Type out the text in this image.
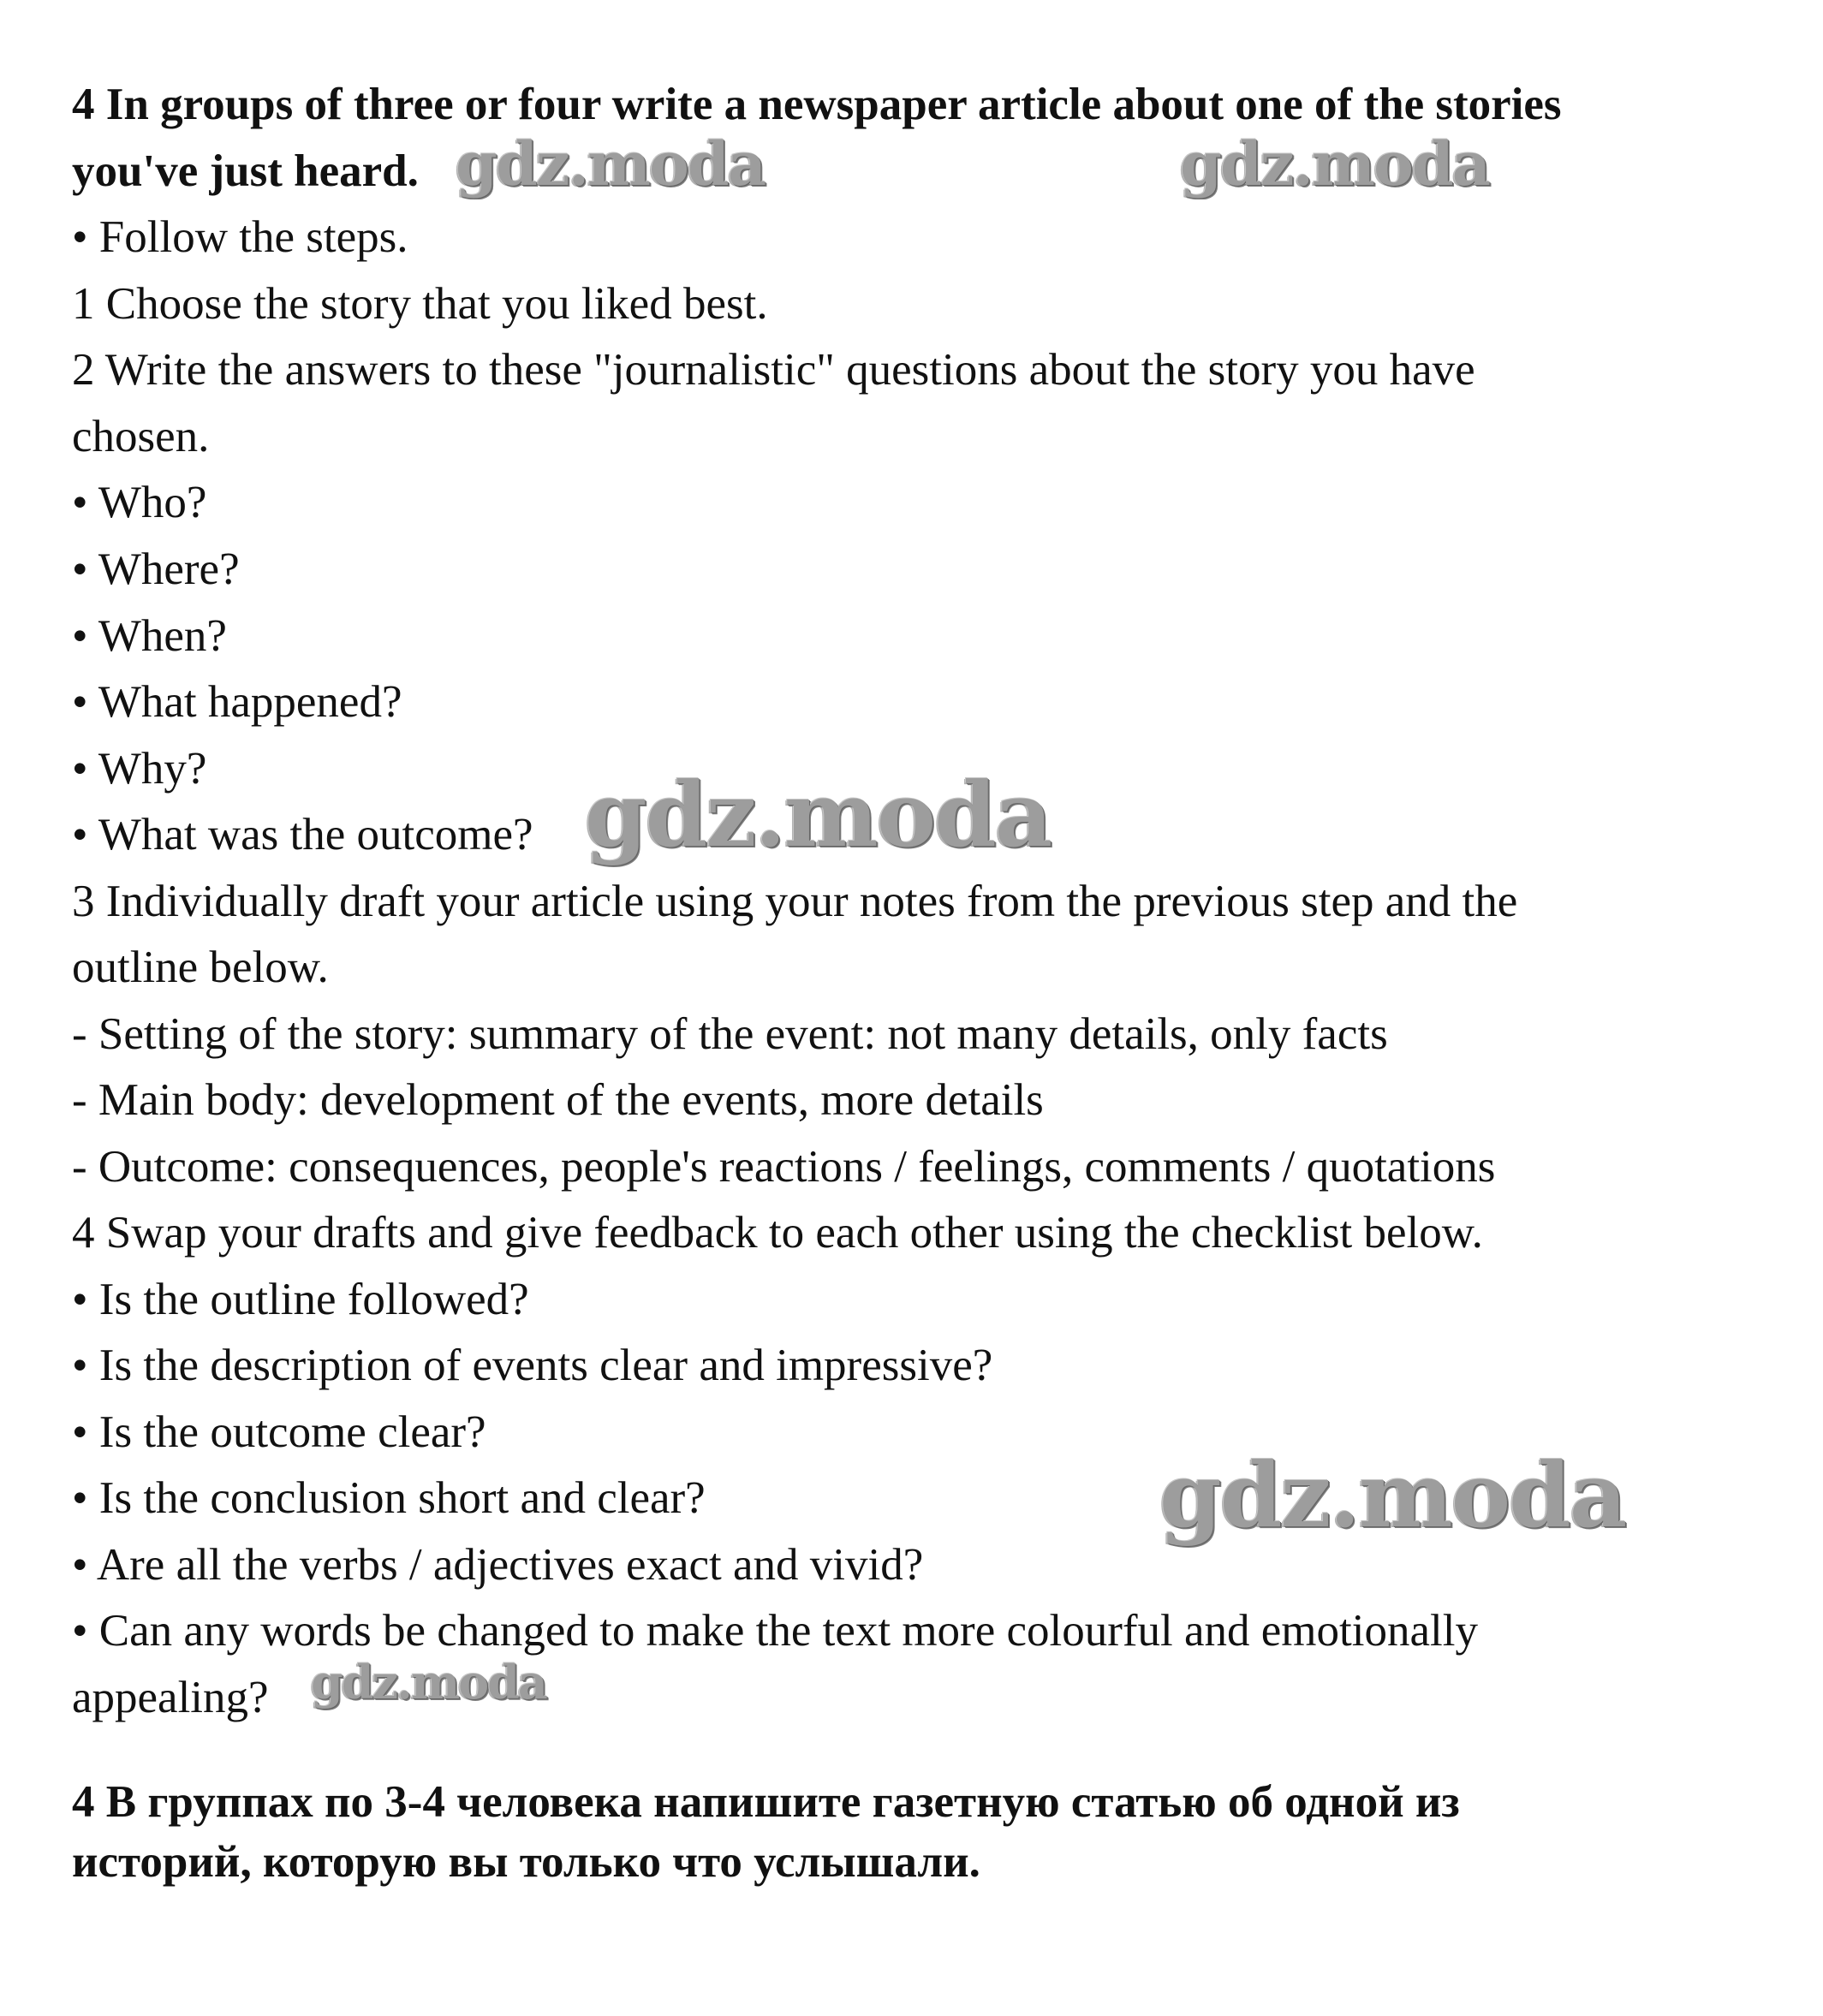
4 In groups of three or four write a newspaper article about one of the stories
you've just heard.
• Follow the steps.
1 Choose the story that you liked best.
2 Write the answers to these "journalistic" questions about the story you have
chosen.
• Who?
• Where?
• When?
• What happened?
• Why?
• What was the outcome?
3 Individually draft your article using your notes from the previous step and the
outline below.
- Setting of the story: summary of the event: not many details, only facts
- Main body: development of the events, more details
- Outcome: consequences, people's reactions / feelings, comments / quotations
4 Swap your drafts and give feedback to each other using the checklist below.
• Is the outline followed?
• Is the description of events clear and impressive?
• Is the outcome clear?
• Is the conclusion short and clear?
• Are all the verbs / adjectives exact and vivid?
• Can any words be changed to make the text more colourful and emotionally
appealing?
4 В группах по 3-4 человека напишите газетную статью об одной из
историй, которую вы только что услышали.
gdz.moda	gdz.moda
gdz.moda
gdz.moda
gdz.moda
